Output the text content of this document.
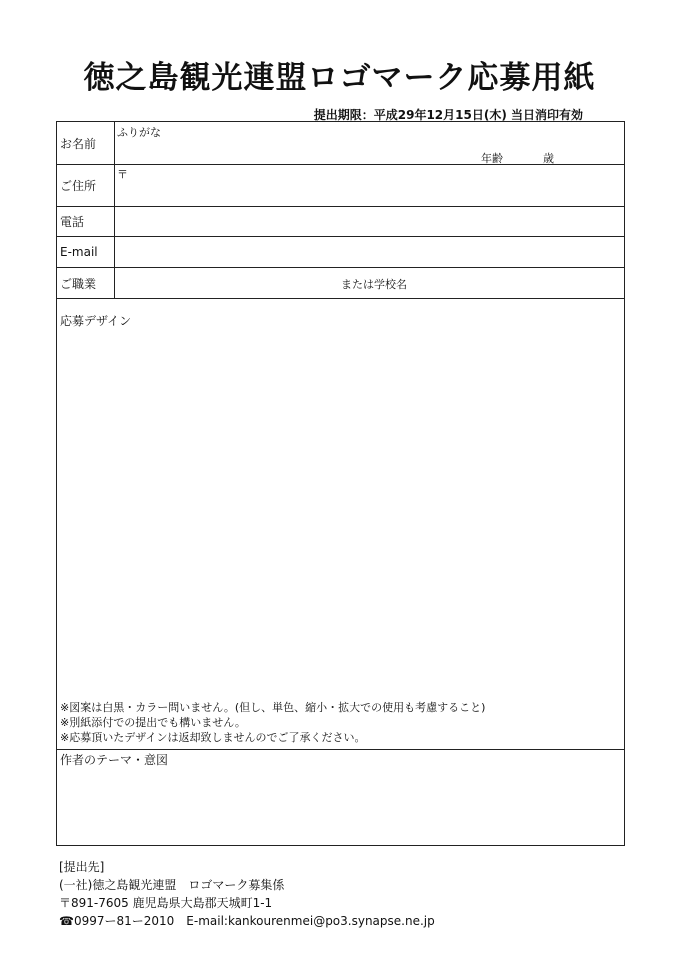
徳之島観光連盟ロゴマーク応募用紙
提出期限：平成29年12月15日(木) 当日消印有効
お名前
ふりがな
年齢	歳
ご住所
〒
電話
E-mail
ご職業	または学校名
応募デザイン
※図案は白黒・カラー問いません。(但し、単色、縮小・拡大での使用も考慮すること)
※別紙添付での提出でも構いません。
※応募頂いたデザインは返却致しませんのでご了承ください。
作者のテーマ・意図
[提出先]
(一社)徳之島観光連盟　ロゴマーク募集係
〒891-7605 鹿児島県大島郡天城町1-1
☎0997ー81ー2010　E-mail:kankourenmei@po3.synapse.ne.jp
